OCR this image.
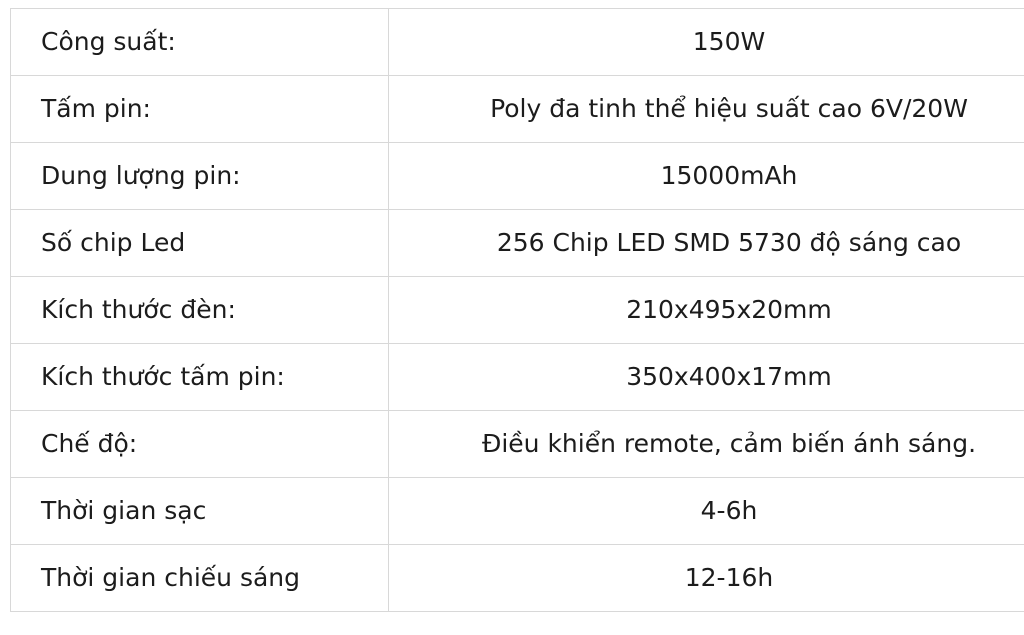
Công suất:	150W
Tấm pin:	Poly đa tinh thể hiệu suất cao 6V/20W
Dung lượng pin:	15000mAh
Số chip Led	256 Chip LED SMD 5730 độ sáng cao
Kích thước đèn:	210x495x20mm
Kích thước tấm pin:	350x400x17mm
Chế độ:	Điều khiển remote, cảm biến ánh sáng.
Thời gian sạc	4-6h
Thời gian chiếu sáng	12-16h
